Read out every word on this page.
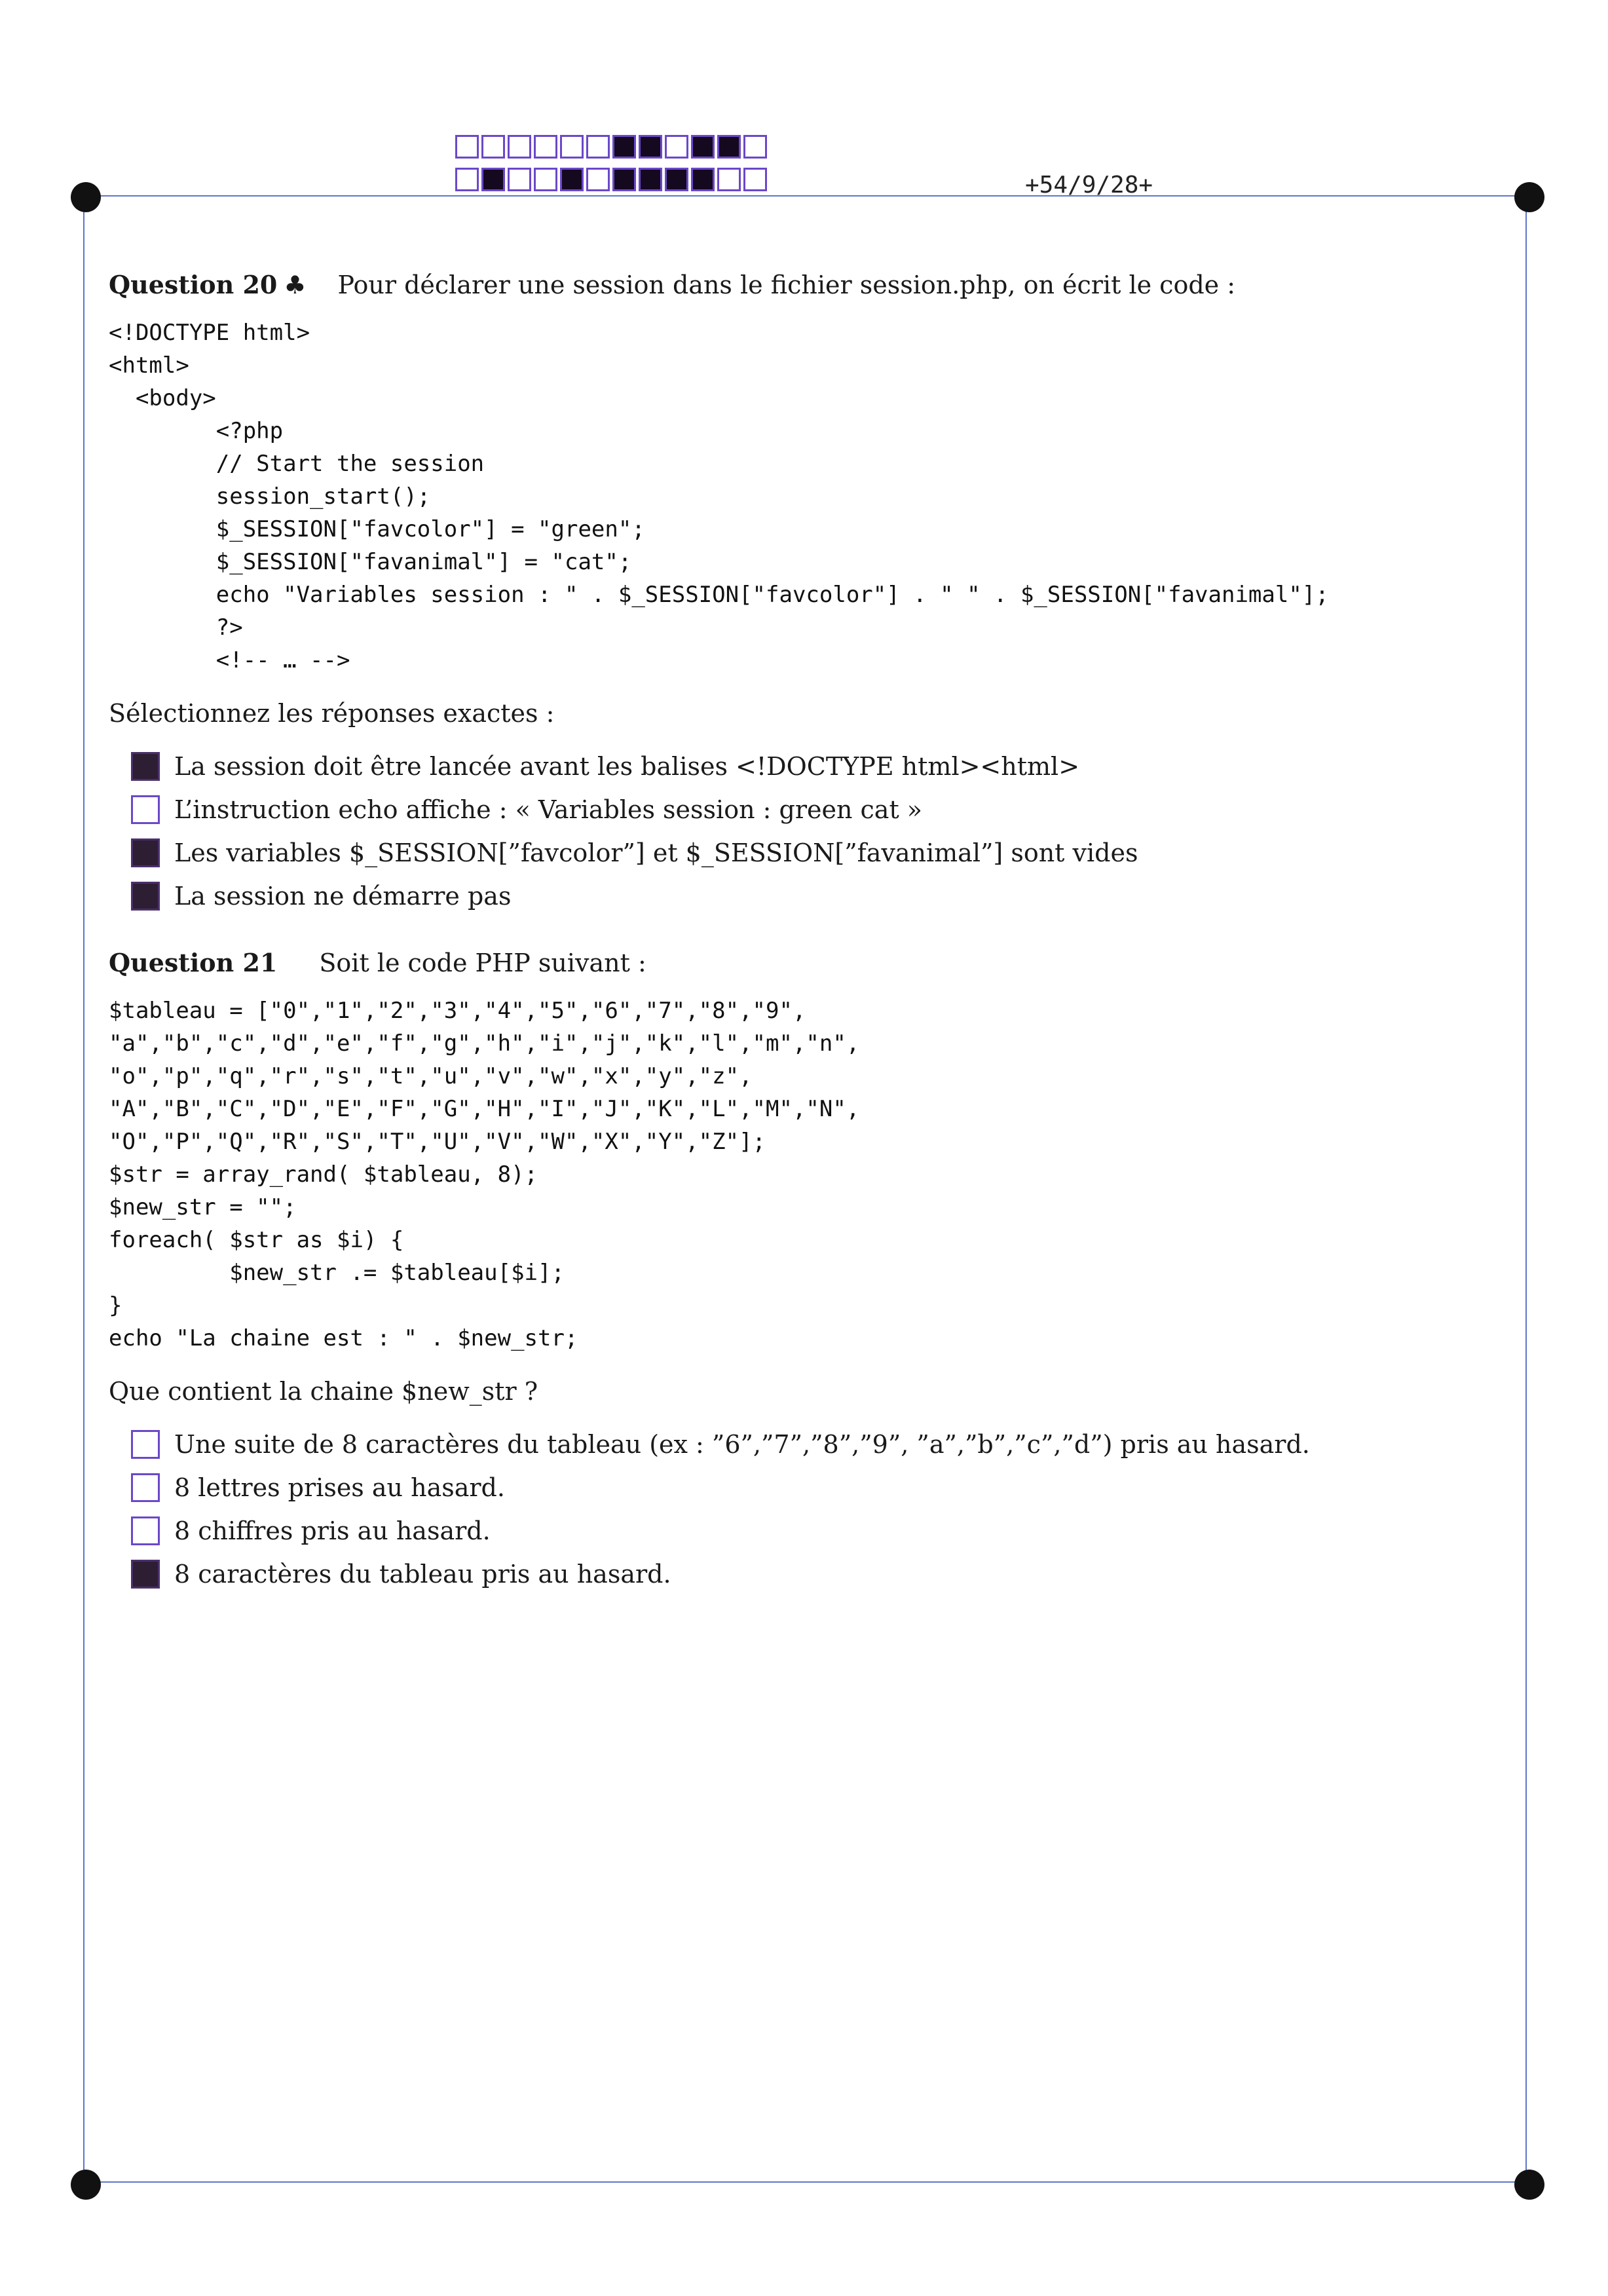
+54/9/28+
Question 20 ♣ Pour déclarer une session dans le fichier session.php, on écrit le code :
<!DOCTYPE html>
<html>
<body>
<?php
// Start the session
session_start();
$_SESSION["favcolor"] = "green";
$_SESSION["favanimal"] = "cat";
echo "Variables session : " . $_SESSION["favcolor"] . " " . $_SESSION["favanimal"];
?>
<!-- … -->
Sélectionnez les réponses exactes :
La session doit être lancée avant les balises <!DOCTYPE html><html>
L’instruction echo affiche : « Variables session : green cat »
Les variables $_SESSION[”favcolor”] et $_SESSION[”favanimal”] sont vides
La session ne démarre pas
Question 21 Soit le code PHP suivant :
$tableau = ["0","1","2","3","4","5","6","7","8","9",
"a","b","c","d","e","f","g","h","i","j","k","l","m","n",
"o","p","q","r","s","t","u","v","w","x","y","z",
"A","B","C","D","E","F","G","H","I","J","K","L","M","N",
"O","P","Q","R","S","T","U","V","W","X","Y","Z"];
$str = array_rand( $tableau, 8);
$new_str = "";
foreach( $str as $i) {
$new_str .= $tableau[$i];
}
echo "La chaine est : " . $new_str;
Que contient la chaine $new_str ?
Une suite de 8 caractères du tableau (ex : ”6”,”7”,”8”,”9”, ”a”,”b”,”c”,”d”) pris au hasard.
8 lettres prises au hasard.
8 chiffres pris au hasard.
8 caractères du tableau pris au hasard.
